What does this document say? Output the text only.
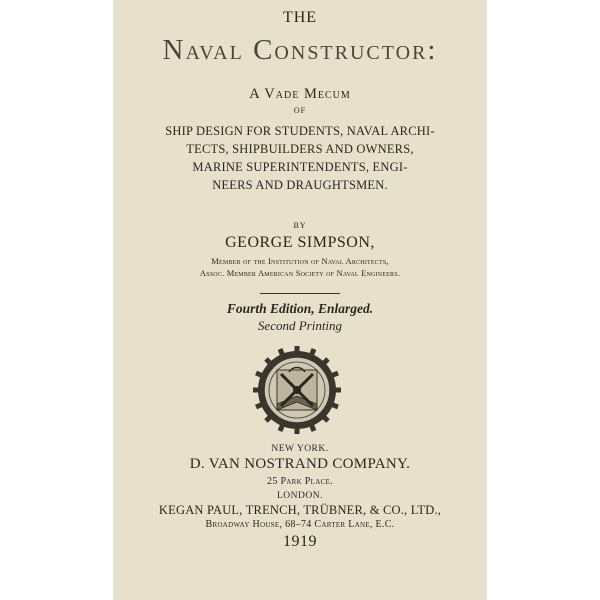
THE
Naval Constructor:
A Vade Mecum
OF
SHIP DESIGN FOR STUDENTS, NAVAL ARCHI-
TECTS, SHIPBUILDERS AND OWNERS,
MARINE SUPERINTENDENTS, ENGI-
NEERS AND DRAUGHTSMEN.
BY
GEORGE SIMPSON,
Member of the Institution of Naval Architects,
Assoc. Member American Society of Naval Engineers.
Fourth Edition, Enlarged.
Second Printing
NEW YORK.
D. VAN NOSTRAND COMPANY.
25 Park Place.
LONDON.
KEGAN PAUL, TRENCH, TRÜBNER, & CO., LTD.,
Broadway House, 68–74 Carter Lane, E.C.
1919
